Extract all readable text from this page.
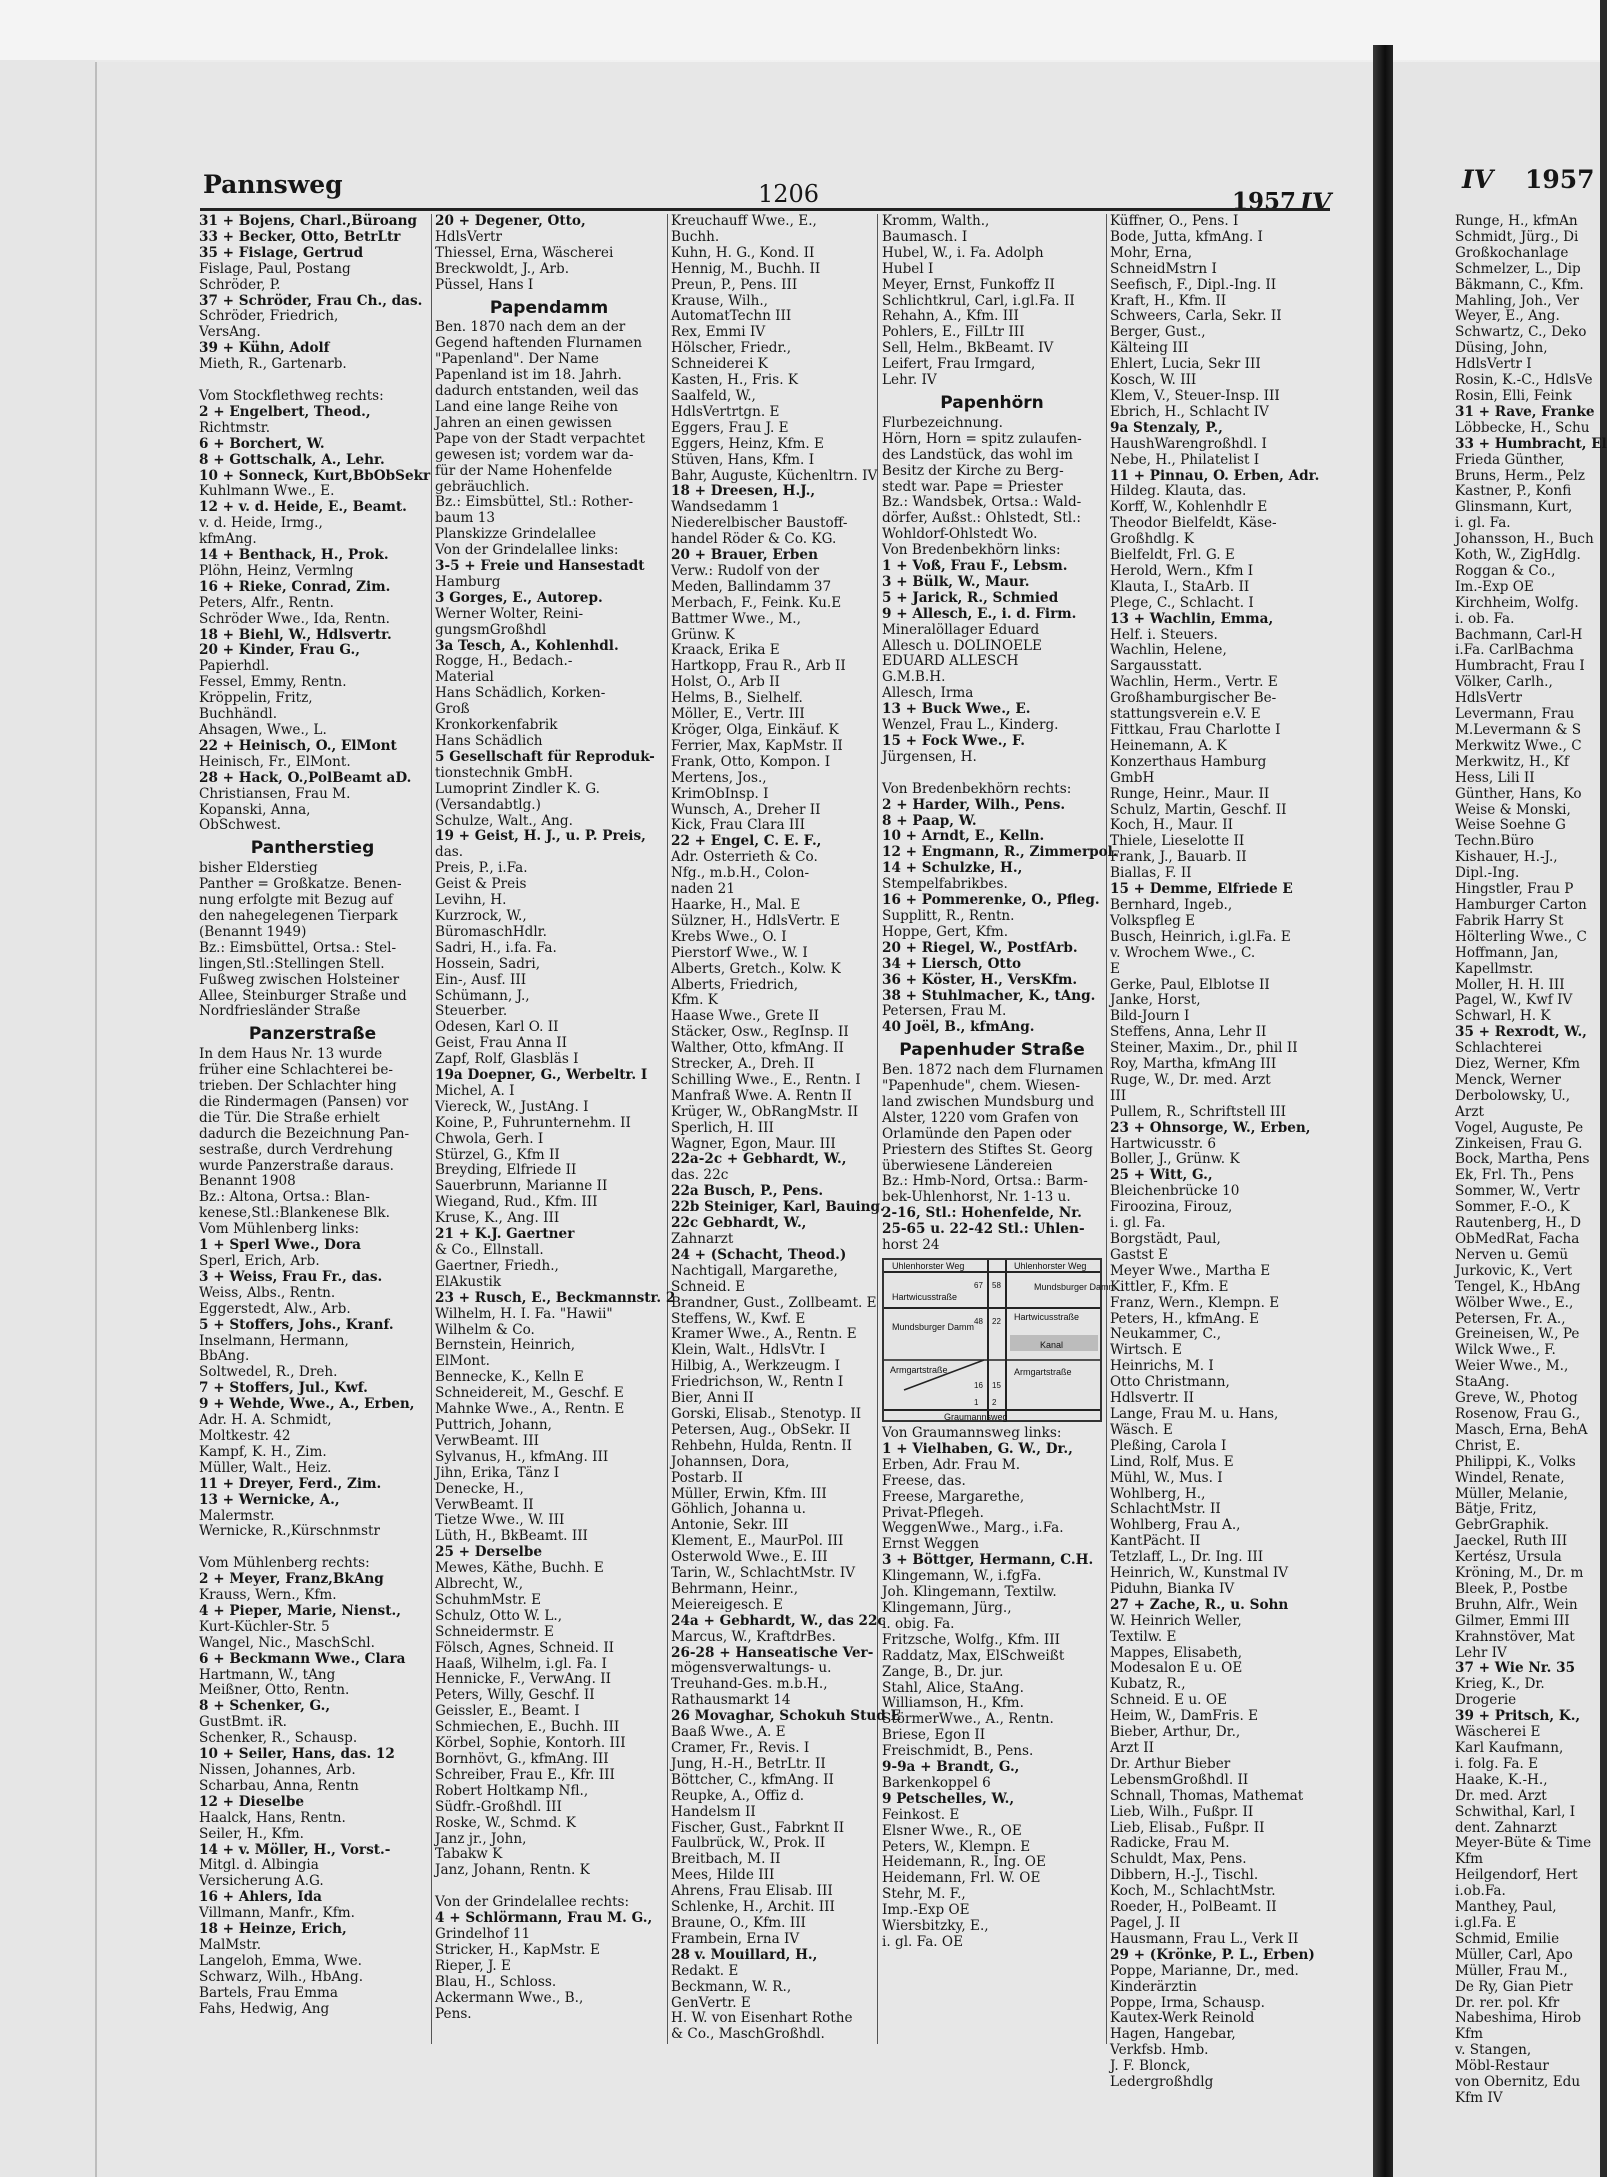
Pannsweg	1206	1957 IV
IV 1957
31 + Bojens, Charl.,Büroang
33 + Becker, Otto, BetrLtr
35 + Fislage, Gertrud
Fislage, Paul, Postang
Schröder, P.
37 + Schröder, Frau Ch., das.
Schröder, Friedrich,
VersAng.
39 + Kühn, Adolf
Mieth, R., Gartenarb.

Vom Stockflethweg rechts:
2 + Engelbert, Theod.,
Richtmstr.
6 + Borchert, W.
8 + Gottschalk, A., Lehr.
10 + Sonneck, Kurt,BbObSekr
Kuhlmann Wwe., E.
12 + v. d. Heide, E., Beamt.
v. d. Heide, Irmg.,
kfmAng.
14 + Benthack, H., Prok.
Plöhn, Heinz, Vermlng
16 + Rieke, Conrad, Zim.
Peters, Alfr., Rentn.
Schröder Wwe., Ida, Rentn.
18 + Biehl, W., Hdlsvertr.
20 + Kinder, Frau G.,
Papierhdl.
Fessel, Emmy, Rentn.
Kröppelin, Fritz,
Buchhändl.
Ahsagen, Wwe., L.
22 + Heinisch, O., ElMont
Heinisch, Fr., ElMont.
28 + Hack, O.,PolBeamt aD.
Christiansen, Frau M.
Kopanski, Anna,
ObSchwest.
Pantherstieg
bisher Elderstieg
Panther = Großkatze. Benen-
nung erfolgte mit Bezug auf
den nahegelegenen Tierpark
(Benannt 1949)
Bz.: Eimsbüttel, Ortsa.: Stel-
lingen,Stl.:Stellingen Stell.
Fußweg zwischen Holsteiner
Allee, Steinburger Straße und
Nordfriesländer Straße
Panzerstraße
In dem Haus Nr. 13 wurde
früher eine Schlachterei be-
trieben. Der Schlachter hing
die Rindermagen (Pansen) vor
die Tür. Die Straße erhielt
dadurch die Bezeichnung Pan-
sestraße, durch Verdrehung
wurde Panzerstraße daraus.
Benannt 1908
Bz.: Altona, Ortsa.: Blan-
kenese,Stl.:Blankenese Blk.
Vom Mühlenberg links:
1 + Sperl Wwe., Dora
Sperl, Erich, Arb.
3 + Weiss, Frau Fr., das.
Weiss, Albs., Rentn.
Eggerstedt, Alw., Arb.
5 + Stoffers, Johs., Kranf.
Inselmann, Hermann,
BbAng.
Soltwedel, R., Dreh.
7 + Stoffers, Jul., Kwf.
9 + Wehde, Wwe., A., Erben,
Adr. H. A. Schmidt,
Moltkestr. 42
Kampf, K. H., Zim.
Müller, Walt., Heiz.
11 + Dreyer, Ferd., Zim.
13 + Wernicke, A.,
Malermstr.
Wernicke, R.,Kürschnmstr

Vom Mühlenberg rechts:
2 + Meyer, Franz,BkAng
Krauss, Wern., Kfm.
4 + Pieper, Marie, Nienst.,
Kurt-Küchler-Str. 5
Wangel, Nic., MaschSchl.
6 + Beckmann Wwe., Clara
Hartmann, W., tAng
Meißner, Otto, Rentn.
8 + Schenker, G.,
GustBmt. iR.
Schenker, R., Schausp.
10 + Seiler, Hans, das. 12
Nissen, Johannes, Arb.
Scharbau, Anna, Rentn
12 + Dieselbe
Haalck, Hans, Rentn.
Seiler, H., Kfm.
14 + v. Möller, H., Vorst.-
Mitgl. d. Albingia
Versicherung A.G.
16 + Ahlers, Ida
Villmann, Manfr., Kfm.
18 + Heinze, Erich,
MalMstr.
Langeloh, Emma, Wwe.
Schwarz, Wilh., HbAng.
Bartels, Frau Emma
Fahs, Hedwig, Ang
20 + Degener, Otto,
HdlsVertr
Thiessel, Erna, Wäscherei
Breckwoldt, J., Arb.
Püssel, Hans I
Papendamm
Ben. 1870 nach dem an der
Gegend haftenden Flurnamen
"Papenland". Der Name
Papenland ist im 18. Jahrh.
dadurch entstanden, weil das
Land eine lange Reihe von
Jahren an einen gewissen
Pape von der Stadt verpachtet
gewesen ist; vordem war da-
für der Name Hohenfelde
gebräuchlich.
Bz.: Eimsbüttel, Stl.: Rother-
baum 13
Planskizze Grindelallee
Von der Grindelallee links:
3-5 + Freie und Hansestadt
Hamburg
3 Gorges, E., Autorep.
Werner Wolter, Reini-
gungsmGroßhdl
3a Tesch, A., Kohlenhdl.
Rogge, H., Bedach.-
Material
Hans Schädlich, Korken-
Groß
Kronkorkenfabrik
Hans Schädlich
5 Gesellschaft für Reproduk-
tionstechnik GmbH.
Lumoprint Zindler K. G.
(Versandabtlg.)
Schulze, Walt., Ang.
19 + Geist, H. J., u. P. Preis,
das.
Preis, P., i.Fa.
Geist & Preis
Levihn, H.
Kurzrock, W.,
BüromaschHdlr.
Sadri, H., i.fa. Fa.
Hossein, Sadri,
Ein-, Ausf. III
Schümann, J.,
Steuerber.
Odesen, Karl O. II
Geist, Frau Anna II
Zapf, Rolf, Glasbläs I
19a Doepner, G., Werbeltr. I
Michel, A. I
Viereck, W., JustAng. I
Koine, P., Fuhrunternehm. II
Chwola, Gerh. I
Stürzel, G., Kfm II
Breyding, Elfriede II
Sauerbrunn, Marianne II
Wiegand, Rud., Kfm. III
Kruse, K., Ang. III
21 + K.J. Gaertner
& Co., Ellnstall.
Gaertner, Friedh.,
ElAkustik
23 + Rusch, E., Beckmannstr. 2
Wilhelm, H. I. Fa. "Hawii"
Wilhelm & Co.
Bernstein, Heinrich,
ElMont.
Bennecke, K., Kelln E
Schneidereit, M., Geschf. E
Mahnke Wwe., A., Rentn. E
Puttrich, Johann,
VerwBeamt. III
Sylvanus, H., kfmAng. III
Jihn, Erika, Tänz I
Denecke, H.,
VerwBeamt. II
Tietze Wwe., W. III
Lüth, H., BkBeamt. III
25 + Derselbe
Mewes, Käthe, Buchh. E
Albrecht, W.,
SchuhmMstr. E
Schulz, Otto W. L.,
Schneidermstr. E
Fölsch, Agnes, Schneid. II
Haaß, Wilhelm, i.gl. Fa. I
Hennicke, F., VerwAng. II
Peters, Willy, Geschf. II
Geissler, E., Beamt. I
Schmiechen, E., Buchh. III
Körbel, Sophie, Kontorh. III
Bornhövt, G., kfmAng. III
Schreiber, Frau E., Kfr. III
Robert Holtkamp Nfl.,
Südfr.-Großhdl. III
Roske, W., Schmd. K
Janz jr., John,
Tabakw K
Janz, Johann, Rentn. K

Von der Grindelallee rechts:
4 + Schlörmann, Frau M. G.,
Grindelhof 11
Stricker, H., KapMstr. E
Rieper, J. E
Blau, H., Schloss.
Ackermann Wwe., B.,
Pens.
Kreuchauff Wwe., E.,
Buchh.
Kuhn, H. G., Kond. II
Hennig, M., Buchh. II
Preun, P., Pens. III
Krause, Wilh.,
AutomatTechn III
Rex, Emmi IV
Hölscher, Friedr.,
Schneiderei K
Kasten, H., Fris. K
Saalfeld, W.,
HdlsVertrtgn. E
Eggers, Frau J. E
Eggers, Heinz, Kfm. E
Stüven, Hans, Kfm. I
Bahr, Auguste, Küchenltrn. IV
18 + Dreesen, H.J.,
Wandsedamm 1
Niederelbischer Baustoff-
handel Röder & Co. KG.
20 + Brauer, Erben
Verw.: Rudolf von der
Meden, Ballindamm 37
Merbach, F., Feink. Ku.E
Battmer Wwe., M.,
Grünw. K
Kraack, Erika E
Hartkopp, Frau R., Arb II
Holst, O., Arb II
Helms, B., Sielhelf.
Möller, E., Vertr. III
Kröger, Olga, Einkäuf. K
Ferrier, Max, KapMstr. II
Frank, Otto, Kompon. I
Mertens, Jos.,
KrimObInsp. I
Wunsch, A., Dreher II
Kick, Frau Clara III
22 + Engel, C. E. F.,
Adr. Osterrieth & Co.
Nfg., m.b.H., Colon-
naden 21
Haarke, H., Mal. E
Sülzner, H., HdlsVertr. E
Krebs Wwe., O. I
Pierstorf Wwe., W. I
Alberts, Gretch., Kolw. K
Alberts, Friedrich,
Kfm. K
Haase Wwe., Grete II
Stäcker, Osw., RegInsp. II
Walther, Otto, kfmAng. II
Strecker, A., Dreh. II
Schilling Wwe., E., Rentn. I
Manfraß Wwe. A. Rentn II
Krüger, W., ObRangMstr. II
Sperlich, H. III
Wagner, Egon, Maur. III
22a-2c + Gebhardt, W.,
das. 22c
22a Busch, P., Pens.
22b Steiniger, Karl, Bauing.
22c Gebhardt, W.,
Zahnarzt
24 + (Schacht, Theod.)
Nachtigall, Margarethe,
Schneid. E
Brandner, Gust., Zollbeamt. E
Steffens, W., Kwf. E
Kramer Wwe., A., Rentn. E
Klein, Walt., HdlsVtr. I
Hilbig, A., Werkzeugm. I
Friedrichson, W., Rentn I
Bier, Anni II
Gorski, Elisab., Stenotyp. II
Petersen, Aug., ObSekr. II
Rehbehn, Hulda, Rentn. II
Johannsen, Dora,
Postarb. II
Müller, Erwin, Kfm. III
Göhlich, Johanna u.
Antonie, Sekr. III
Klement, E., MaurPol. III
Osterwold Wwe., E. III
Tarin, W., SchlachtMstr. IV
Behrmann, Heinr.,
Meiereigesch. E
24a + Gebhardt, W., das 22c
Marcus, W., KraftdrBes.
26-28 + Hanseatische Ver-
mögensverwaltungs- u.
Treuhand-Ges. m.b.H.,
Rathausmarkt 14
26 Movaghar, Schokuh Stud E
Baaß Wwe., A. E
Cramer, Fr., Revis. I
Jung, H.-H., BetrLtr. II
Böttcher, C., kfmAng. II
Reupke, A., Offiz d.
Handelsm II
Fischer, Gust., Fabrknt II
Faulbrück, W., Prok. II
Breitbach, M. II
Mees, Hilde III
Ahrens, Frau Elisab. III
Schlenke, H., Archit. III
Braune, O., Kfm. III
Frambein, Erna IV
28 v. Mouillard, H.,
Redakt. E
Beckmann, W. R.,
GenVertr. E
H. W. von Eisenhart Rothe
& Co., MaschGroßhdl.
Kromm, Walth.,
Baumasch. I
Hubel, W., i. Fa. Adolph
Hubel I
Meyer, Ernst, Funkoffz II
Schlichtkrul, Carl, i.gl.Fa. II
Rehahn, A., Kfm. III
Pohlers, E., FilLtr III
Sell, Helm., BkBeamt. IV
Leifert, Frau Irmgard,
Lehr. IV
Papenhörn
Flurbezeichnung.
Hörn, Horn = spitz zulaufen-
des Landstück, das wohl im
Besitz der Kirche zu Berg-
stedt war. Pape = Priester
Bz.: Wandsbek, Ortsa.: Wald-
dörfer, Außst.: Ohlstedt, Stl.:
Wohldorf-Ohlstedt Wo.
Von Bredenbekhörn links:
1 + Voß, Frau F., Lebsm.
3 + Bülk, W., Maur.
5 + Jarick, R., Schmied
9 + Allesch, E., i. d. Firm.
Mineralöllager Eduard
Allesch u. DOLINOELE
EDUARD ALLESCH
G.M.B.H.
Allesch, Irma
13 + Buck Wwe., E.
Wenzel, Frau L., Kinderg.
15 + Fock Wwe., F.
Jürgensen, H.

Von Bredenbekhörn rechts:
2 + Harder, Wilh., Pens.
8 + Paap, W.
10 + Arndt, E., Kelln.
12 + Engmann, R., Zimmerpol.
14 + Schulzke, H.,
Stempelfabrikbes.
16 + Pommerenke, O., Pfleg.
Supplitt, R., Rentn.
Hoppe, Gert, Kfm.
20 + Riegel, W., PostfArb.
34 + Liersch, Otto
36 + Köster, H., VersKfm.
38 + Stuhlmacher, K., tAng.
Petersen, Frau M.
40 Joël, B., kfmAng.
Papenhuder Straße
Ben. 1872 nach dem Flurnamen
"Papenhude", chem. Wiesen-
land zwischen Mundsburg und
Alster, 1220 vom Grafen von
Orlamünde den Papen oder
Priestern des Stiftes St. Georg
überwiesene Ländereien
Bz.: Hmb-Nord, Ortsa.: Barm-
bek-Uhlenhorst, Nr. 1-13 u.
2-16, Stl.: Hohenfelde, Nr.
25-65 u. 22-42 Stl.: Uhlen-
horst 24
Uhlenhorster Weg	Uhlenhorster Weg
Hartwicusstraße
Hartwicusstraße
Mundsburger Damm
Mundsburger Damm
Kanal
Armgartstraße	Armgartstraße
Graumannsweg
67 58
48 22
16 15
1 2
Von Graumannsweg links:
1 + Vielhaben, G. W., Dr.,
Erben, Adr. Frau M.
Freese, das.
Freese, Margarethe,
Privat-Pflegeh.
WeggenWwe., Marg., i.Fa.
Ernst Weggen
3 + Böttger, Hermann, C.H.
Klingemann, W., i.fgFa.
Joh. Klingemann, Textilw.
Klingemann, Jürg.,
i. obig. Fa.
Fritzsche, Wolfg., Kfm. III
Raddatz, Max, ElSchweißt
Zange, B., Dr. jur.
Stahl, Alice, StaAng.
Williamson, H., Kfm.
StörmerWwe., A., Rentn.
Briese, Egon II
Freischmidt, B., Pens.
9-9a + Brandt, G.,
Barkenkoppel 6
9 Petschelles, W.,
Feinkost. E
Elsner Wwe., R., OE
Peters, W., Klempn. E
Heidemann, R., Ing. OE
Heidemann, Frl. W. OE
Stehr, M. F.,
Imp.-Exp OE
Wiersbitzky, E.,
i. gl. Fa. OE
Küffner, O., Pens. I
Bode, Jutta, kfmAng. I
Mohr, Erna,
SchneidMstrn I
Seefisch, F., Dipl.-Ing. II
Kraft, H., Kfm. II
Schweers, Carla, Sekr. II
Berger, Gust.,
Kälteing III
Ehlert, Lucia, Sekr III
Kosch, W. III
Klem, V., Steuer-Insp. III
Ebrich, H., Schlacht IV
9a Stenzaly, P.,
HaushWarengroßhdl. I
Nebe, H., Philatelist I
11 + Pinnau, O. Erben, Adr.
Hildeg. Klauta, das.
Korff, W., Kohlenhdlr E
Theodor Bielfeldt, Käse-
Großhdlg. K
Bielfeldt, Frl. G. E
Herold, Wern., Kfm I
Klauta, I., StaArb. II
Plege, C., Schlacht. I
13 + Wachlin, Emma,
Helf. i. Steuers.
Wachlin, Helene,
Sargausstatt.
Wachlin, Herm., Vertr. E
Großhamburgischer Be-
stattungsverein e.V. E
Fittkau, Frau Charlotte I
Heinemann, A. K
Konzerthaus Hamburg
GmbH
Runge, Heinr., Maur. II
Schulz, Martin, Geschf. II
Koch, H., Maur. II
Thiele, Lieselotte II
Frank, J., Bauarb. II
Biallas, F. II
15 + Demme, Elfriede E
Bernhard, Ingeb.,
Volkspfleg E
Busch, Heinrich, i.gl.Fa. E
v. Wrochem Wwe., C.
E
Gerke, Paul, Elblotse II
Janke, Horst,
Bild-Journ I
Steffens, Anna, Lehr II
Steiner, Maxim., Dr., phil II
Roy, Martha, kfmAng III
Ruge, W., Dr. med. Arzt
III
Pullem, R., Schriftstell III
23 + Ohnsorge, W., Erben,
Hartwicusstr. 6
Boller, J., Grünw. K
25 + Witt, G.,
Bleichenbrücke 10
Firoozina, Firouz,
i. gl. Fa.
Borgstädt, Paul,
Gastst E
Meyer Wwe., Martha E
Kittler, F., Kfm. E
Franz, Wern., Klempn. E
Peters, H., kfmAng. E
Neukammer, C.,
Wirtsch. E
Heinrichs, M. I
Otto Christmann,
Hdlsvertr. II
Lange, Frau M. u. Hans,
Wäsch. E
Pleßing, Carola I
Lind, Rolf, Mus. E
Mühl, W., Mus. I
Wohlberg, H.,
SchlachtMstr. II
Wohlberg, Frau A.,
KantPächt. II
Tetzlaff, L., Dr. Ing. III
Heinrich, W., Kunstmal IV
Piduhn, Bianka IV
27 + Zache, R., u. Sohn
W. Heinrich Weller,
Textilw. E
Mappes, Elisabeth,
Modesalon E u. OE
Kubatz, R.,
Schneid. E u. OE
Heim, W., DamFris. E
Bieber, Arthur, Dr.,
Arzt II
Dr. Arthur Bieber
LebensmGroßhdl. II
Schnall, Thomas, Mathemat
Lieb, Wilh., Fußpr. II
Lieb, Elisab., Fußpr. II
Radicke, Frau M.
Schuldt, Max, Pens.
Dibbern, H.-J., Tischl.
Koch, M., SchlachtMstr.
Roeder, H., PolBeamt. II
Pagel, J. II
Hausmann, Frau L., Verk II
29 + (Krönke, P. L., Erben)
Poppe, Marianne, Dr., med.
Kinderärztin
Poppe, Irma, Schausp.
Kautex-Werk Reinold
Hagen, Hangebar,
Verkfsb. Hmb.
J. F. Blonck,
Ledergroßhdlg
Runge, H., kfmAn
Schmidt, Jürg., Di
Großkochanlage
Schmelzer, L., Dip
Bäkmann, C., Kfm.
Mahling, Joh., Ver
Weyer, E., Ang.
Schwartz, C., Deko
Düsing, John,
HdlsVertr I
Rosin, K.-C., HdlsVe
Rosin, Elli, Feink
31 + Rave, Franke
Löbbecke, H., Schu
33 + Humbracht, El
Frieda Günther,
Bruns, Herm., Pelz
Kastner, P., Konfi
Glinsmann, Kurt,
i. gl. Fa.
Johansson, H., Buch
Koth, W., ZigHdlg.
Roggan & Co.,
Im.-Exp OE
Kirchheim, Wolfg.
i. ob. Fa.
Bachmann, Carl-H
i.Fa. CarlBachma
Humbracht, Frau I
Völker, Carlh.,
HdlsVertr
Levermann, Frau
M.Levermann & S
Merkwitz Wwe., C
Merkwitz, H., Kf
Hess, Lili II
Günther, Hans, Ko
Weise & Monski,
Weise Soehne G
Techn.Büro
Kishauer, H.-J.,
Dipl.-Ing.
Hingstler, Frau P
Hamburger Carton
Fabrik Harry St
Hölterling Wwe., C
Hoffmann, Jan,
Kapellmstr.
Moller, H. H. III
Pagel, W., Kwf IV
Schwarl, H. K
35 + Rexrodt, W.,
Schlachterei
Diez, Werner, Kfm
Menck, Werner
Derbolowsky, U.,
Arzt
Vogel, Auguste, Pe
Zinkeisen, Frau G.
Bock, Martha, Pens
Ek, Frl. Th., Pens
Sommer, W., Vertr
Sommer, F.-O., K
Rautenberg, H., D
ObMedRat, Facha
Nerven u. Gemü
Jurkovic, K., Vert
Tengel, K., HbAng
Wölber Wwe., E.,
Petersen, Fr. A.,
Greineisen, W., Pe
Wilck Wwe., F.
Weier Wwe., M.,
StaAng.
Greve, W., Photog
Rosenow, Frau G.,
Masch, Erna, BehA
Christ, E.
Philippi, K., Volks
Windel, Renate,
Müller, Melanie,
Bätje, Fritz,
GebrGraphik.
Jaeckel, Ruth III
Kertész, Ursula
Kröning, M., Dr. m
Bleek, P., Postbe
Bruhn, Alfr., Wein
Gilmer, Emmi III
Krahnstöver, Mat
Lehr IV
37 + Wie Nr. 35
Krieg, K., Dr.
Drogerie
39 + Pritsch, K.,
Wäscherei E
Karl Kaufmann,
i. folg. Fa. E
Haake, K.-H.,
Dr. med. Arzt
Schwithal, Karl, I
dent. Zahnarzt
Meyer-Büte & Time
Kfm
Heilgendorf, Hert
i.ob.Fa.
Manthey, Paul,
i.gl.Fa. E
Schmid, Emilie
Müller, Carl, Apo
Müller, Frau M.,
De Ry, Gian Pietr
Dr. rer. pol. Kfr
Nabeshima, Hirob
Kfm
v. Stangen,
Möbl-Restaur
von Obernitz, Edu
Kfm IV
